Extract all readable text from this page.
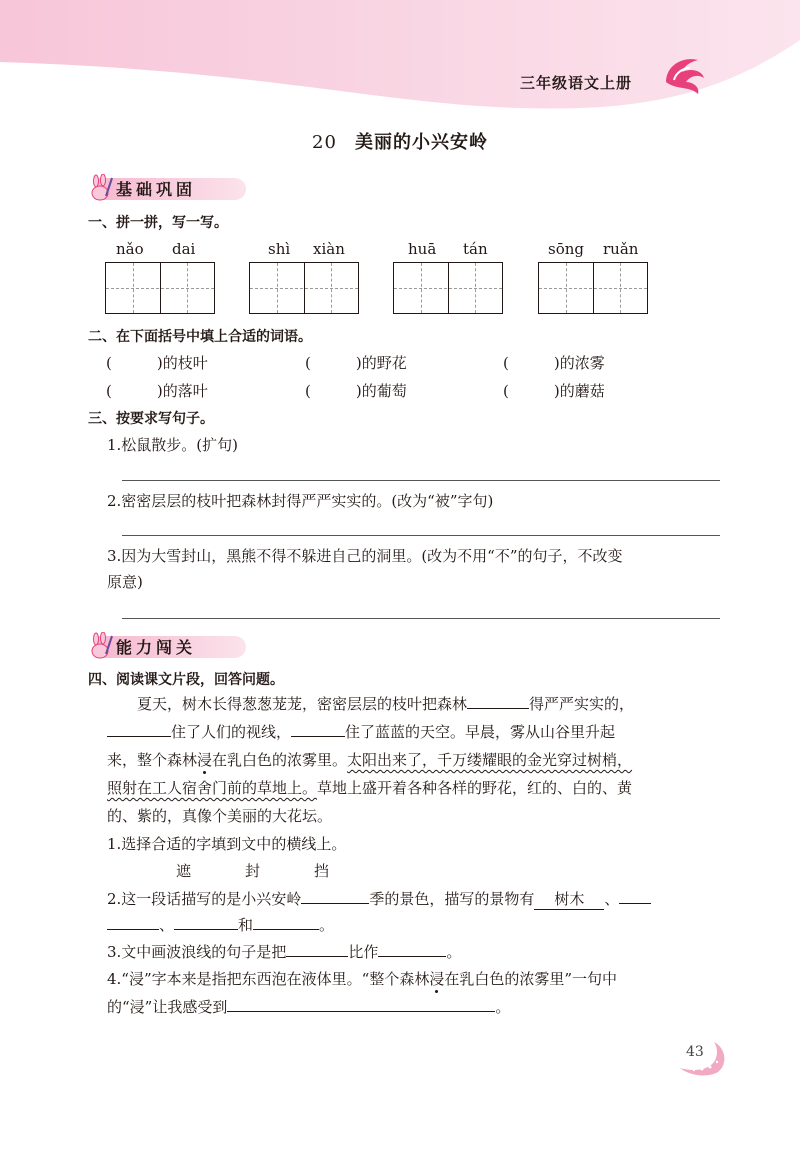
三年级语文上册
20 美丽的小兴安岭
基础巩固
一、拼一拼，写一写。
nǎo dai	shì xiàn	huā tán	sōng ruǎn
二、在下面括号中填上合适的词语。
(　　　)的枝叶	(　　　)的野花	(　　　)的浓雾
(　　　)的落叶	(　　　)的葡萄	(　　　)的蘑菇
三、按要求写句子。
1.松鼠散步。(扩句)
2.密密层层的枝叶把森林封得严严实实的。(改为“被”字句)
3.因为大雪封山，黑熊不得不躲进自己的洞里。(改为不用“不”的句子，不改变
原意)
能力闯关
四、阅读课文片段，回答问题。
夏天，树木长得葱葱茏茏，密密层层的枝叶把森林	得严严实实的，
住了人们的视线，	住了蓝蓝的天空。早晨，雾从山谷里升起
来，整个森林浸在乳白色的浓雾里。太阳出来了，千万缕耀眼的金光穿过树梢，
照射在工人宿舍门前的草地上。草地上盛开着各种各样的野花，红的、白的、黄
的、紫的，真像个美丽的大花坛。
1.选择合适的字填到文中的横线上。
遮	封	挡
2.这一段话描写的是小兴安岭	季的景色，描写的景物有 树木 、
、	和	。
3.文中画波浪线的句子是把	比作	。
4.“浸”字本来是指把东西泡在液体里。“整个森林浸在乳白色的浓雾里”一句中
的“浸”让我感受到	。
43
